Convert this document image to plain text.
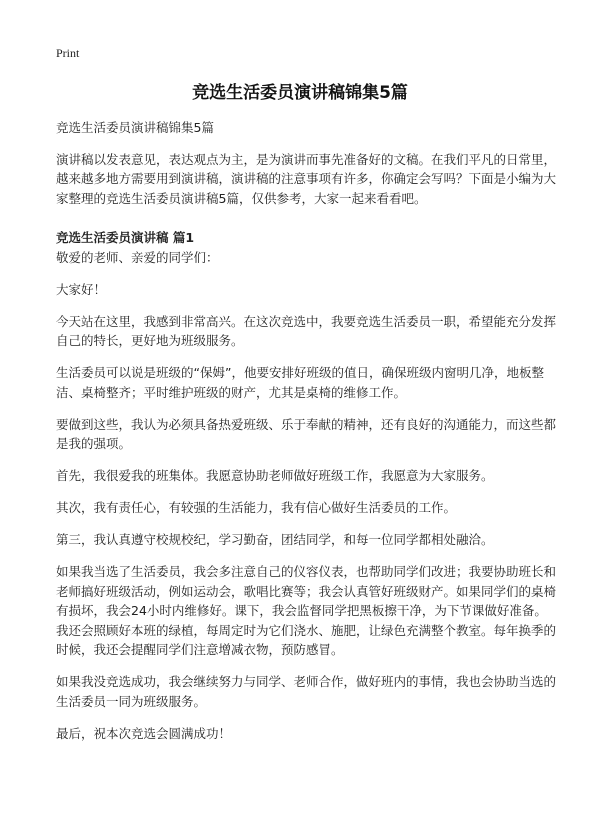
Print
竞选生活委员演讲稿锦集5篇

竞选生活委员演讲稿锦集5篇

演讲稿以发表意见，表达观点为主，是为演讲而事先准备好的文稿。在我们平凡的日常里，越来越多地方需要用到演讲稿，演讲稿的注意事项有许多，你确定会写吗？下面是小编为大家整理的竞选生活委员演讲稿5篇，仅供参考，大家一起来看看吧。

竞选生活委员演讲稿 篇1

敬爱的老师、亲爱的同学们：

大家好！

今天站在这里，我感到非常高兴。在这次竞选中，我要竞选生活委员一职，希望能充分发挥自己的特长，更好地为班级服务。

生活委员可以说是班级的“保姆”，他要安排好班级的值日，确保班级内窗明几净，地板整洁、桌椅整齐；平时维护班级的财产，尤其是桌椅的维修工作。

要做到这些，我认为必须具备热爱班级、乐于奉献的精神，还有良好的沟通能力，而这些都是我的强项。

首先，我很爱我的班集体。我愿意协助老师做好班级工作，我愿意为大家服务。

其次，我有责任心，有较强的生活能力，我有信心做好生活委员的工作。

第三，我认真遵守校规校纪，学习勤奋，团结同学，和每一位同学都相处融洽。

如果我当选了生活委员，我会多注意自己的仪容仪表，也帮助同学们改进；我要协助班长和老师搞好班级活动，例如运动会，歌唱比赛等；我会认真管好班级财产。如果同学们的桌椅有损坏，我会24小时内维修好。课下，我会监督同学把黑板擦干净，为下节课做好准备。我还会照顾好本班的绿植，每周定时为它们浇水、施肥，让绿色充满整个教室。每年换季的时候，我还会提醒同学们注意增减衣物，预防感冒。

如果我没竞选成功，我会继续努力与同学、老师合作，做好班内的事情，我也会协助当选的生活委员一同为班级服务。

最后，祝本次竞选会圆满成功！
